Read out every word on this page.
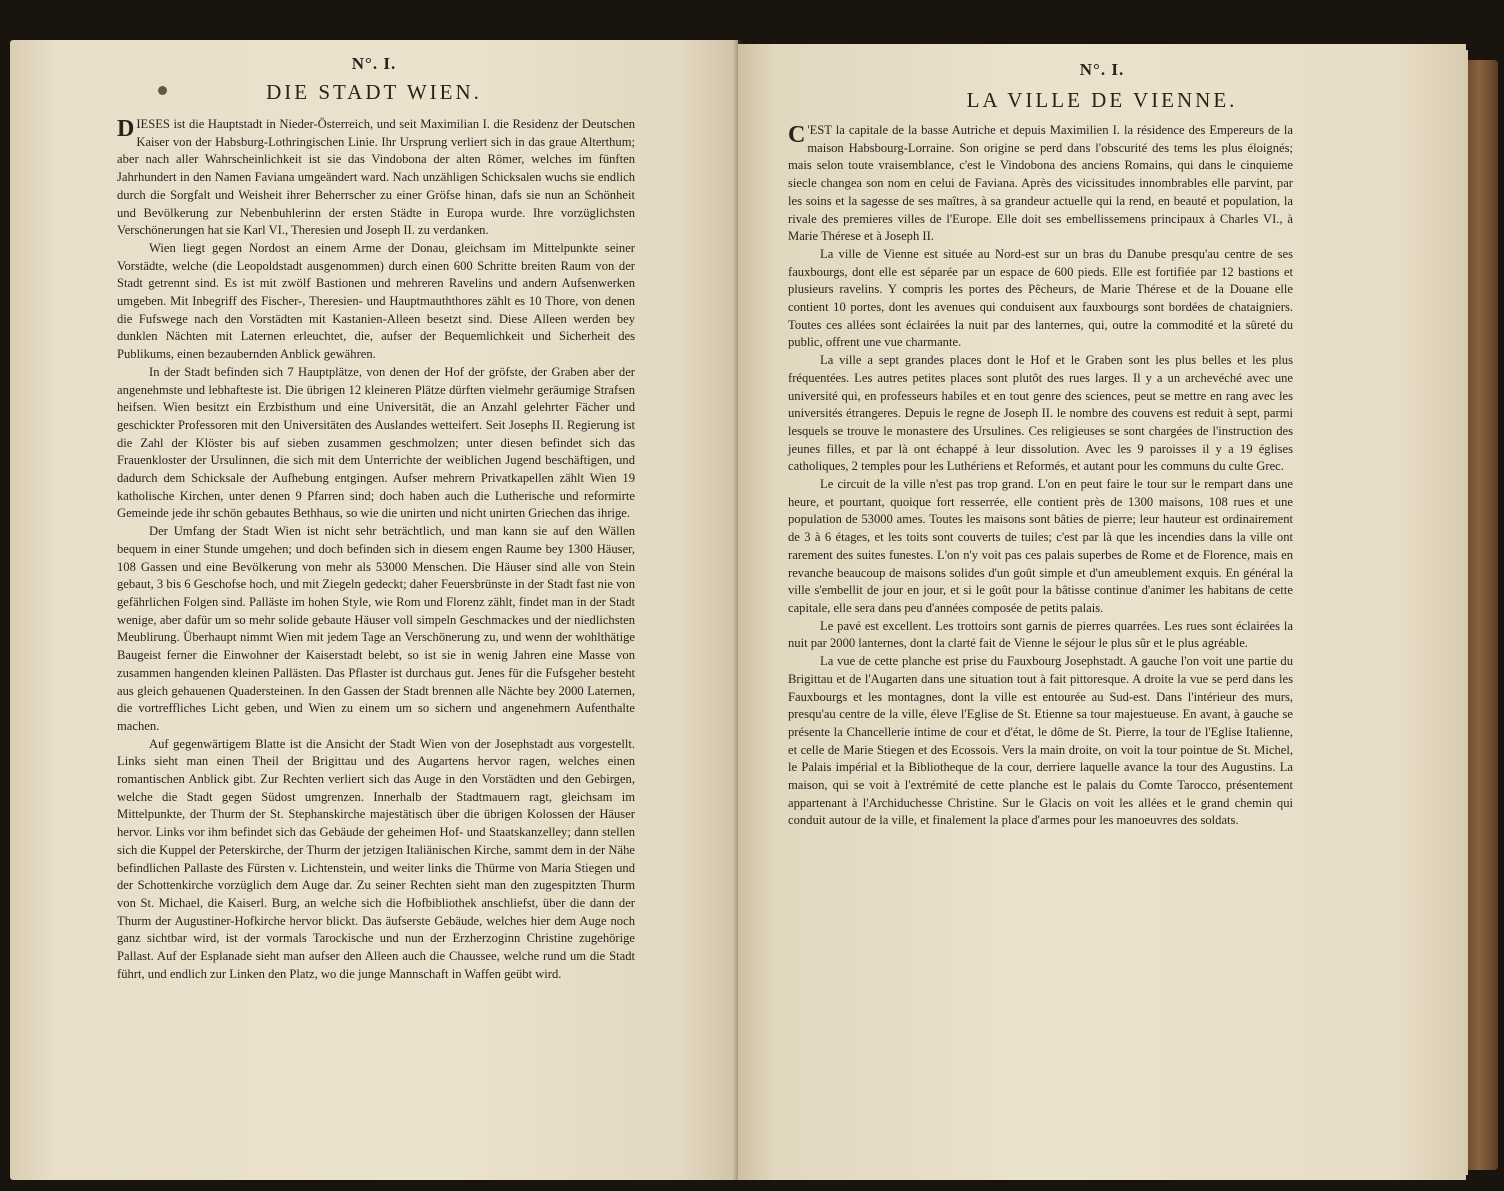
N°. I.
DIE STADT WIEN.

DIESES ist die Hauptstadt in Nieder-Österreich, und seit Maximilian I. die Residenz der Deutschen Kaiser von der Habsburg-Lothringischen Linie. Ihr Ursprung verliert sich in das graue Alterthum; aber nach aller Wahrscheinlichkeit ist sie das Vindobona der alten Römer, welches im fünften Jahrhundert in den Namen Faviana umgeändert ward. Nach unzähligen Schicksalen wuchs sie endlich durch die Sorgfalt und Weisheit ihrer Beherrscher zu einer Gröfse hinan, dafs sie nun an Schönheit und Bevölkerung zur Nebenbuhlerinn der ersten Städte in Europa wurde. Ihre vorzüglichsten Verschönerungen hat sie Karl VI., Theresien und Joseph II. zu verdanken.

Wien liegt gegen Nordost an einem Arme der Donau, gleichsam im Mittelpunkte seiner Vorstädte, welche (die Leopoldstadt ausgenommen) durch einen 600 Schritte breiten Raum von der Stadt getrennt sind. Es ist mit zwölf Bastionen und mehreren Ravelins und andern Aufsenwerken umgeben. Mit Inbegriff des Fischer-, Theresien- und Hauptmauththores zählt es 10 Thore, von denen die Fufswege nach den Vorstädten mit Kastanien-Alleen besetzt sind. Diese Alleen werden bey dunklen Nächten mit Laternen erleuchtet, die, aufser der Bequemlichkeit und Sicherheit des Publikums, einen bezaubernden Anblick gewähren.

In der Stadt befinden sich 7 Hauptplätze, von denen der Hof der gröfste, der Graben aber der angenehmste und lebhafteste ist. Die übrigen 12 kleineren Plätze dürften vielmehr geräumige Strafsen heifsen. Wien besitzt ein Erzbisthum und eine Universität, die an Anzahl gelehrter Fächer und geschickter Professoren mit den Universitäten des Auslandes wetteifert. Seit Josephs II. Regierung ist die Zahl der Klöster bis auf sieben zusammen geschmolzen; unter diesen befindet sich das Frauenkloster der Ursulinnen, die sich mit dem Unterrichte der weiblichen Jugend beschäftigen, und dadurch dem Schicksale der Aufhebung entgingen. Aufser mehrern Privatkapellen zählt Wien 19 katholische Kirchen, unter denen 9 Pfarren sind; doch haben auch die Lutherische und reformirte Gemeinde jede ihr schön gebautes Bethhaus, so wie die unirten und nicht unirten Griechen das ihrige.

Der Umfang der Stadt Wien ist nicht sehr beträchtlich, und man kann sie auf den Wällen bequem in einer Stunde umgehen; und doch befinden sich in diesem engen Raume bey 1300 Häuser, 108 Gassen und eine Bevölkerung von mehr als 53000 Menschen. Die Häuser sind alle von Stein gebaut, 3 bis 6 Geschofse hoch, und mit Ziegeln gedeckt; daher Feuersbrünste in der Stadt fast nie von gefährlichen Folgen sind. Palläste im hohen Style, wie Rom und Florenz zählt, findet man in der Stadt wenige, aber dafür um so mehr solide gebaute Häuser voll simpeln Geschmackes und der niedlichsten Meublirung. Überhaupt nimmt Wien mit jedem Tage an Verschönerung zu, und wenn der wohlthätige Baugeist ferner die Einwohner der Kaiserstadt belebt, so ist sie in wenig Jahren eine Masse von zusammen hangenden kleinen Pallästen. Das Pflaster ist durchaus gut. Jenes für die Fufsgeher besteht aus gleich gehauenen Quadersteinen. In den Gassen der Stadt brennen alle Nächte bey 2000 Laternen, die vortreffliches Licht geben, und Wien zu einem um so sichern und angenehmern Aufenthalte machen.

Auf gegenwärtigem Blatte ist die Ansicht der Stadt Wien von der Josephstadt aus vorgestellt. Links sieht man einen Theil der Brigittau und des Augartens hervor ragen, welches einen romantischen Anblick gibt. Zur Rechten verliert sich das Auge in den Vorstädten und den Gebirgen, welche die Stadt gegen Südost umgrenzen. Innerhalb der Stadtmauern ragt, gleichsam im Mittelpunkte, der Thurm der St. Stephanskirche majestätisch über die übrigen Kolossen der Häuser hervor. Links vor ihm befindet sich das Gebäude der geheimen Hof- und Staatskanzelley; dann stellen sich die Kuppel der Peterskirche, der Thurm der jetzigen Italiänischen Kirche, sammt dem in der Nähe befindlichen Pallaste des Fürsten v. Lichtenstein, und weiter links die Thürme von Maria Stiegen und der Schottenkirche vorzüglich dem Auge dar. Zu seiner Rechten sieht man den zugespitzten Thurm von St. Michael, die Kaiserl. Burg, an welche sich die Hofbibliothek anschliefst, über die dann der Thurm der Augustiner-Hofkirche hervor blickt. Das äufserste Gebäude, welches hier dem Auge noch ganz sichtbar wird, ist der vormals Tarockische und nun der Erzherzoginn Christine zugehörige Pallast. Auf der Esplanade sieht man aufser den Alleen auch die Chaussee, welche rund um die Stadt führt, und endlich zur Linken den Platz, wo die junge Mannschaft in Waffen geübt wird.

N°. I.
LA VILLE DE VIENNE.

C 'EST la capitale de la basse Autriche et depuis Maximilien I. la résidence des Empereurs de la maison Habsbourg-Lorraine. Son origine se perd dans l'obscurité des tems les plus éloignés; mais selon toute vraisemblance, c'est le Vindobona des anciens Romains, qui dans le cinquieme siecle changea son nom en celui de Faviana. Après des vicissitudes innombrables elle parvint, par les soins et la sagesse de ses maîtres, à sa grandeur actuelle qui la rend, en beauté et population, la rivale des premieres villes de l'Europe. Elle doit ses embellissemens principaux à Charles VI., à Marie Thérese et à Joseph II.

La ville de Vienne est située au Nord-est sur un bras du Danube presqu'au centre de ses fauxbourgs, dont elle est séparée par un espace de 600 pieds. Elle est fortifiée par 12 bastions et plusieurs ravelins. Y compris les portes des Pêcheurs, de Marie Thérese et de la Douane elle contient 10 portes, dont les avenues qui conduisent aux fauxbourgs sont bordées de chataigniers. Toutes ces allées sont éclairées la nuit par des lanternes, qui, outre la commodité et la sûreté du public, offrent une vue charmante.

La ville a sept grandes places dont le Hof et le Graben sont les plus belles et les plus fréquentées. Les autres petites places sont plutôt des rues larges. Il y a un archevéché avec une université qui, en professeurs habiles et en tout genre des sciences, peut se mettre en rang avec les universités étrangeres. Depuis le regne de Joseph II. le nombre des couvens est reduit à sept, parmi lesquels se trouve le monastere des Ursulines. Ces religieuses se sont chargées de l'instruction des jeunes filles, et par là ont échappé à leur dissolution. Avec les 9 paroisses il y a 19 églises catholiques, 2 temples pour les Luthériens et Reformés, et autant pour les communs du culte Grec.

Le circuit de la ville n'est pas trop grand. L'on en peut faire le tour sur le rempart dans une heure, et pourtant, quoique fort resserrée, elle contient près de 1300 maisons, 108 rues et une population de 53000 ames. Toutes les maisons sont bâties de pierre; leur hauteur est ordinairement de 3 à 6 étages, et les toits sont couverts de tuiles; c'est par là que les incendies dans la ville ont rarement des suites funestes. L'on n'y voit pas ces palais superbes de Rome et de Florence, mais en revanche beaucoup de maisons solides d'un goût simple et d'un ameublement exquis. En général la ville s'embellit de jour en jour, et si le goût pour la bâtisse continue d'animer les habitans de cette capitale, elle sera dans peu d'années composée de petits palais.

Le pavé est excellent. Les trottoirs sont garnis de pierres quarrées. Les rues sont éclairées la nuit par 2000 lanternes, dont la clarté fait de Vienne le séjour le plus sûr et le plus agréable.

La vue de cette planche est prise du Fauxbourg Josephstadt. A gauche l'on voit une partie du Brigittau et de l'Augarten dans une situation tout à fait pittoresque. A droite la vue se perd dans les Fauxbourgs et les montagnes, dont la ville est entourée au Sud-est. Dans l'intérieur des murs, presqu'au centre de la ville, éleve l'Eglise de St. Etienne sa tour majestueuse. En avant, à gauche se présente la Chancellerie intime de cour et d'état, le dôme de St. Pierre, la tour de l'Eglise Italienne, et celle de Marie Stiegen et des Ecossois. Vers la main droite, on voit la tour pointue de St. Michel, le Palais impérial et la Bibliotheque de la cour, derriere laquelle avance la tour des Augustins. La maison, qui se voit à l'extrémité de cette planche est le palais du Comte Tarocco, présentement appartenant à l'Archiduchesse Christine. Sur le Glacis on voit les allées et le grand chemin qui conduit autour de la ville, et finalement la place d'armes pour les manoeuvres des soldats.
